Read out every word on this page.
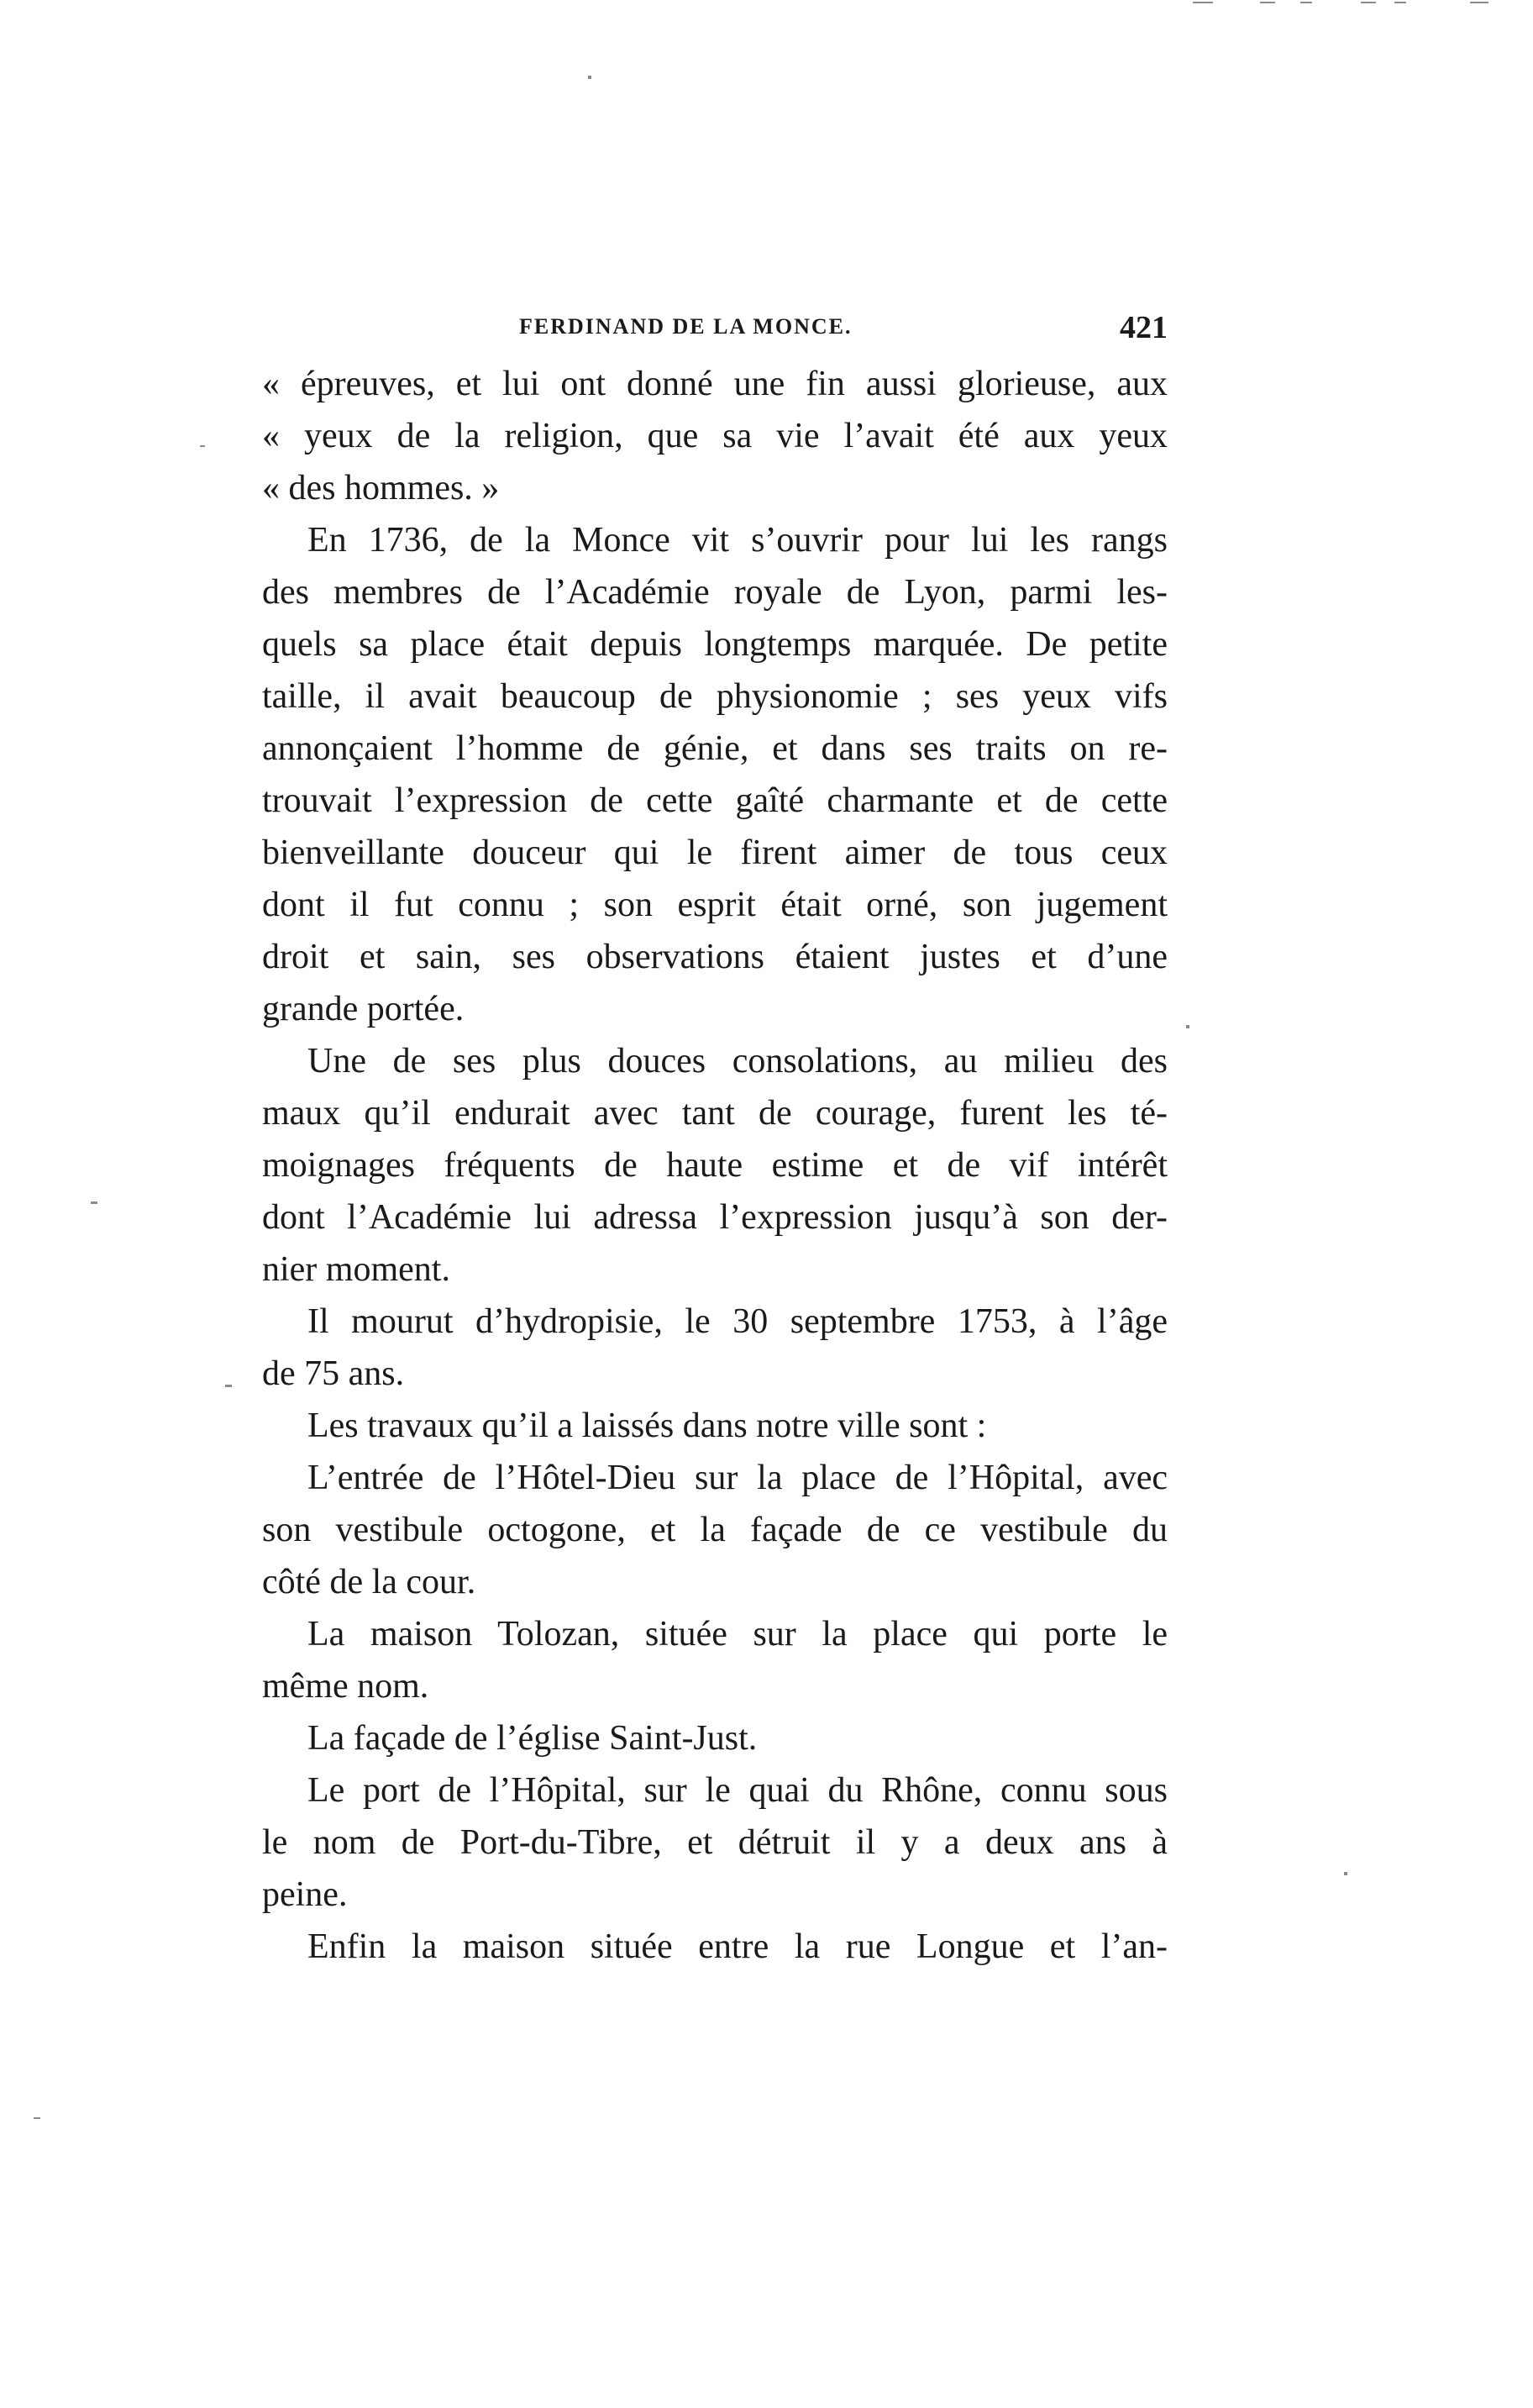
FERDINAND DE LA MONCE.	421
« épreuves, et lui ont donné une fin aussi glorieuse, aux
« yeux de la religion, que sa vie l’avait été aux yeux
« des hommes. »
En 1736, de la Monce vit s’ouvrir pour lui les rangs
des membres de l’Académie royale de Lyon, parmi les-
quels sa place était depuis longtemps marquée. De petite
taille, il avait beaucoup de physionomie ; ses yeux vifs
annonçaient l’homme de génie, et dans ses traits on re-
trouvait l’expression de cette gaîté charmante et de cette
bienveillante douceur qui le firent aimer de tous ceux
dont il fut connu ; son esprit était orné, son jugement
droit et sain, ses observations étaient justes et d’une
grande portée.
Une de ses plus douces consolations, au milieu des
maux qu’il endurait avec tant de courage, furent les té-
moignages fréquents de haute estime et de vif intérêt
dont l’Académie lui adressa l’expression jusqu’à son der-
nier moment.
Il mourut d’hydropisie, le 30 septembre 1753, à l’âge
de 75 ans.
Les travaux qu’il a laissés dans notre ville sont :
L’entrée de l’Hôtel-Dieu sur la place de l’Hôpital, avec
son vestibule octogone, et la façade de ce vestibule du
côté de la cour.
La maison Tolozan, située sur la place qui porte le
même nom.
La façade de l’église Saint-Just.
Le port de l’Hôpital, sur le quai du Rhône, connu sous
le nom de Port-du-Tibre, et détruit il y a deux ans à
peine.
Enfin la maison située entre la rue Longue et l’an-
